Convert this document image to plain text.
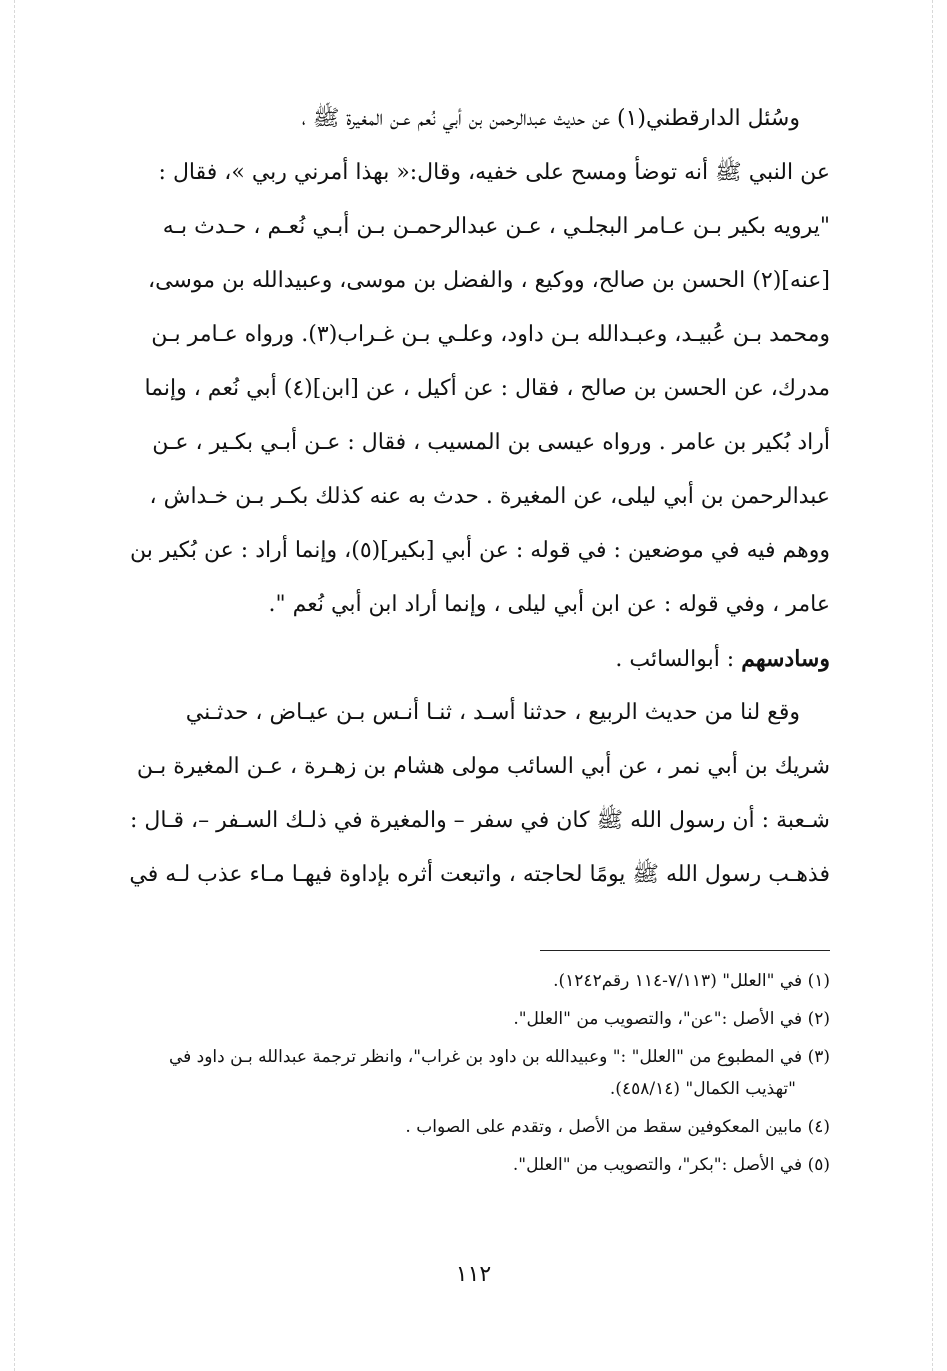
وسُئل الدارقطني(١) عن حديث عبدالرحمن بن أبي نُعم عـن المغيرة ﷺ ،
عن النبي ﷺ أنه توضأ ومسح على خفيه، وقال:« بهذا أمرني ربي »، فقال :
"يرويه بكير بـن عـامر البجلـي ، عـن عبدالرحمـن بـن أبـي نُعـم ، حـدث بـه
[عنه](٢) الحسن بن صالح، ووكيع ، والفضل بن موسى، وعبيدالله بن موسى،
ومحمد بـن عُبيـد، وعبـدالله بـن داود، وعلـي بـن غـراب(٣). ورواه عـامر بـن
مدرك، عن الحسن بن صالح ، فقال : عن أكيل ، عن [ابن](٤) أبي نُعم ، وإنما
أراد بُكير بن عامر . ورواه عيسى بن المسيب ، فقال : عـن أبـي بكـير ، عـن
عبدالرحمن بن أبي ليلى، عن المغيرة . حدث به عنه كذلك بكـر بـن خـداش ،
ووهم فيه في موضعين : في قوله : عن أبي [بكير](٥)، وإنما أراد : عن بُكير بن
عامر ، وفي قوله : عن ابن أبي ليلى ، وإنما أراد ابن أبي نُعم ".
وسادسهم : أبوالسائب .
وقع لنا من حديث الربيع ، حدثنا أسـد ، ثنـا أنـس بـن عيـاض ، حدثـني
شريك بن أبي نمر ، عن أبي السائب مولى هشام بن زهـرة ، عـن المغيرة بـن
شـعبة : أن رسول الله ﷺ كان في سفر – والمغيرة في ذلـك السـفر –، قـال :
فذهـب رسول الله ﷺ يومًا لحاجته ، واتبعت أثره بإداوة فيهـا مـاء عذب لـه في
(١) في "العلل" (٧/١١٣-١١٤ رقم١٢٤٢).
(٢) في الأصل :"عن"، والتصويب من "العلل".
(٣) في المطبوع من "العلل" :" وعبيدالله بن داود بن غراب"، وانظر ترجمة عبدالله بـن داود في
"تهذيب الكمال" (٤٥٨/١٤).
(٤) مابين المعكوفين سقط من الأصل ، وتقدم على الصواب .
(٥) في الأصل :"بكر"، والتصويب من "العلل".
١١٢
